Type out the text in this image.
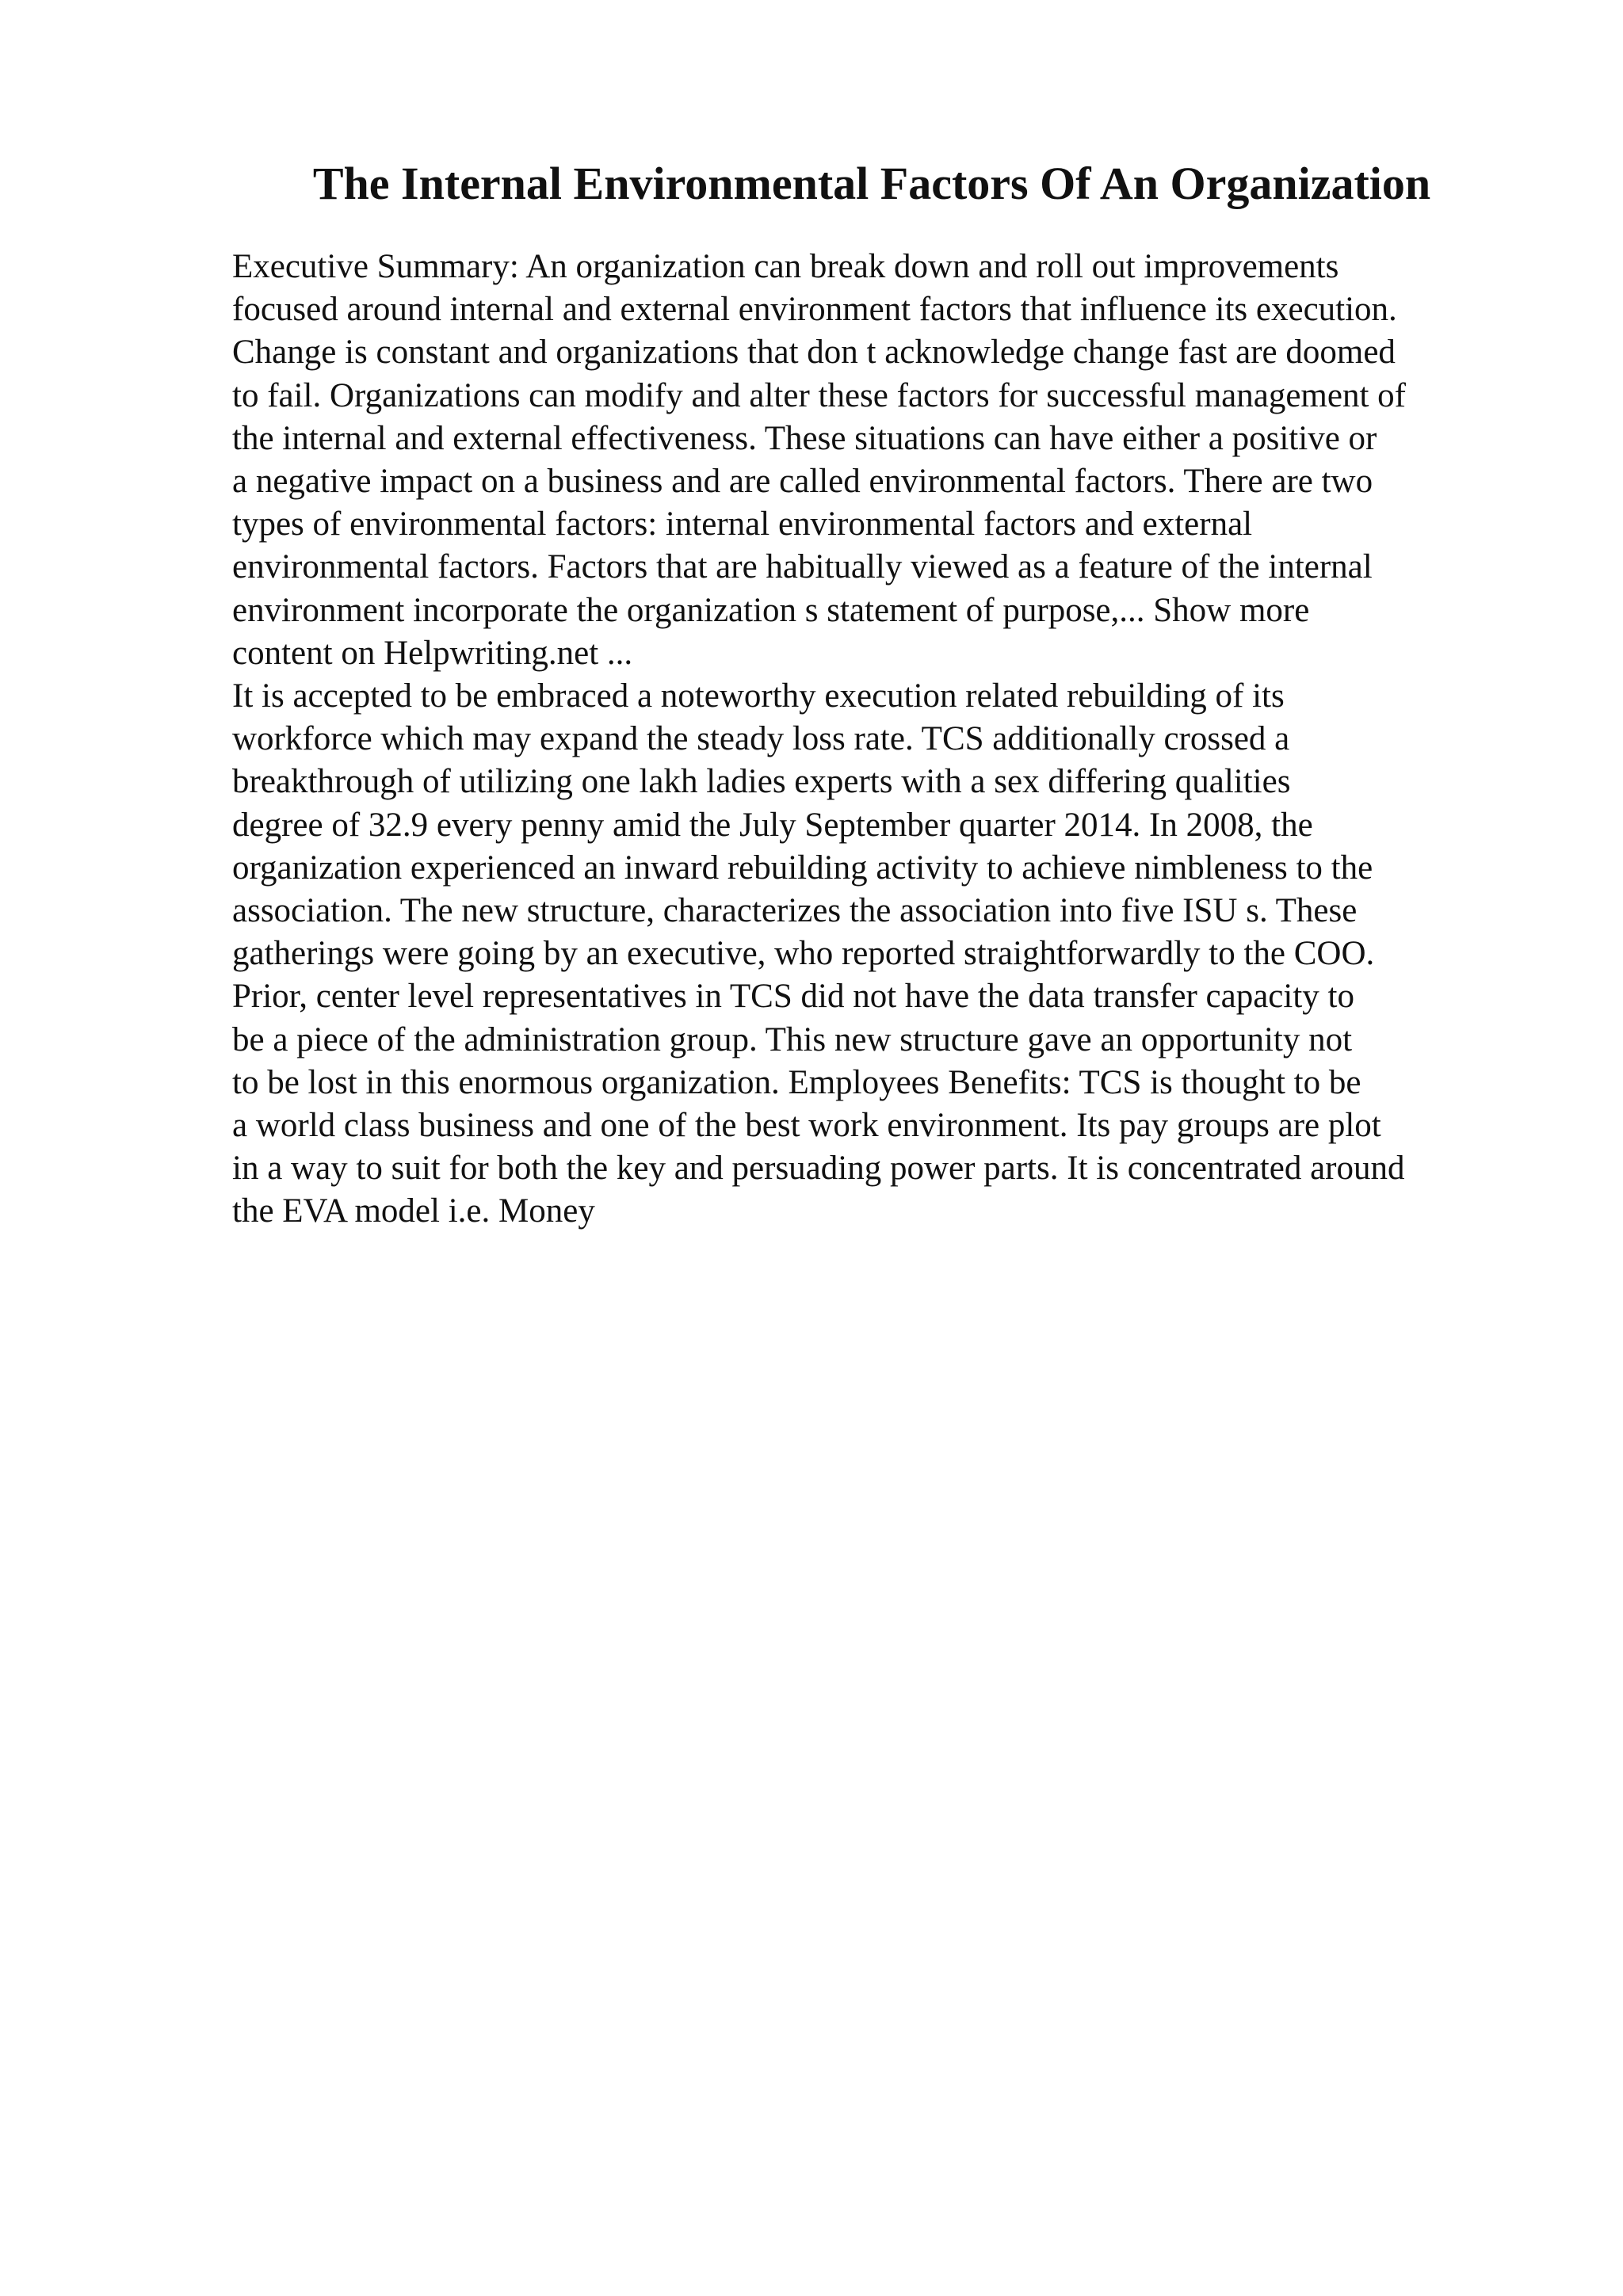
The Internal Environmental Factors Of An Organization
Executive Summary: An organization can break down and roll out improvements
focused around internal and external environment factors that influence its execution.
Change is constant and organizations that don t acknowledge change fast are doomed
to fail. Organizations can modify and alter these factors for successful management of
the internal and external effectiveness. These situations can have either a positive or
a negative impact on a business and are called environmental factors. There are two
types of environmental factors: internal environmental factors and external
environmental factors. Factors that are habitually viewed as a feature of the internal
environment incorporate the organization s statement of purpose,... Show more
content on Helpwriting.net ...
It is accepted to be embraced a noteworthy execution related rebuilding of its
workforce which may expand the steady loss rate. TCS additionally crossed a
breakthrough of utilizing one lakh ladies experts with a sex differing qualities
degree of 32.9 every penny amid the July September quarter 2014. In 2008, the
organization experienced an inward rebuilding activity to achieve nimbleness to the
association. The new structure, characterizes the association into five ISU s. These
gatherings were going by an executive, who reported straightforwardly to the COO.
Prior, center level representatives in TCS did not have the data transfer capacity to
be a piece of the administration group. This new structure gave an opportunity not
to be lost in this enormous organization. Employees Benefits: TCS is thought to be
a world class business and one of the best work environment. Its pay groups are plot
in a way to suit for both the key and persuading power parts. It is concentrated around
the EVA model i.e. Money
